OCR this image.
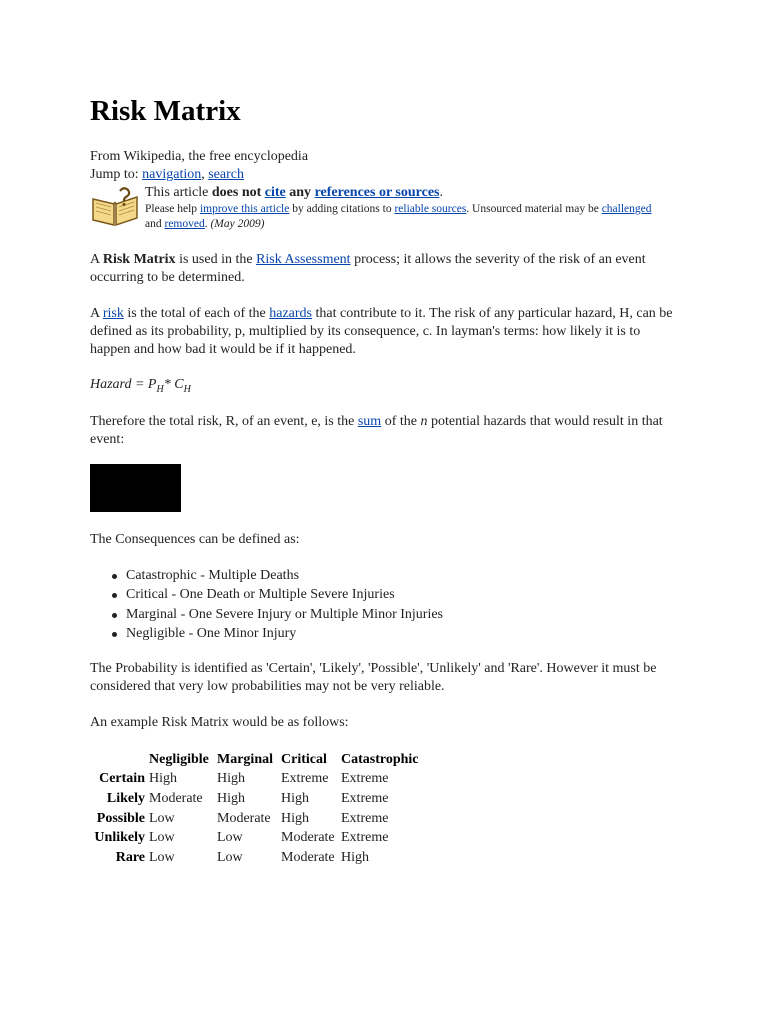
Risk Matrix
From Wikipedia, the free encyclopedia
Jump to: navigation, search
This article does not cite any references or sources.
Please help improve this article by adding citations to reliable sources. Unsourced material may be challenged and removed. (May 2009)
A Risk Matrix is used in the Risk Assessment process; it allows the severity of the risk of an event occurring to be determined.
A risk is the total of each of the hazards that contribute to it. The risk of any particular hazard, H, can be defined as its probability, p, multiplied by its consequence, c. In layman's terms: how likely it is to happen and how bad it would be if it happened.
Hazard = $P_H*$ $C_H$
Therefore the total risk, R, of an event, e, is the sum of the n potential hazards that would result in that event:
The Consequences can be defined as:
Catastrophic - Multiple Deaths
Critical - One Death or Multiple Severe Injuries
Marginal - One Severe Injury or Multiple Minor Injuries
Negligible - One Minor Injury
The Probability is identified as 'Certain', 'Likely', 'Possible', 'Unlikely' and 'Rare'. However it must be considered that very low probabilities may not be very reliable.
An example Risk Matrix would be as follows:
	Negligible	Marginal	Critical	Catastrophic
Certain	High	High	Extreme	Extreme
Likely	Moderate	High	High	Extreme
Possible	Low	Moderate	High	Extreme
Unlikely	Low	Low	Moderate	Extreme
Rare	Low	Low	Moderate	High
